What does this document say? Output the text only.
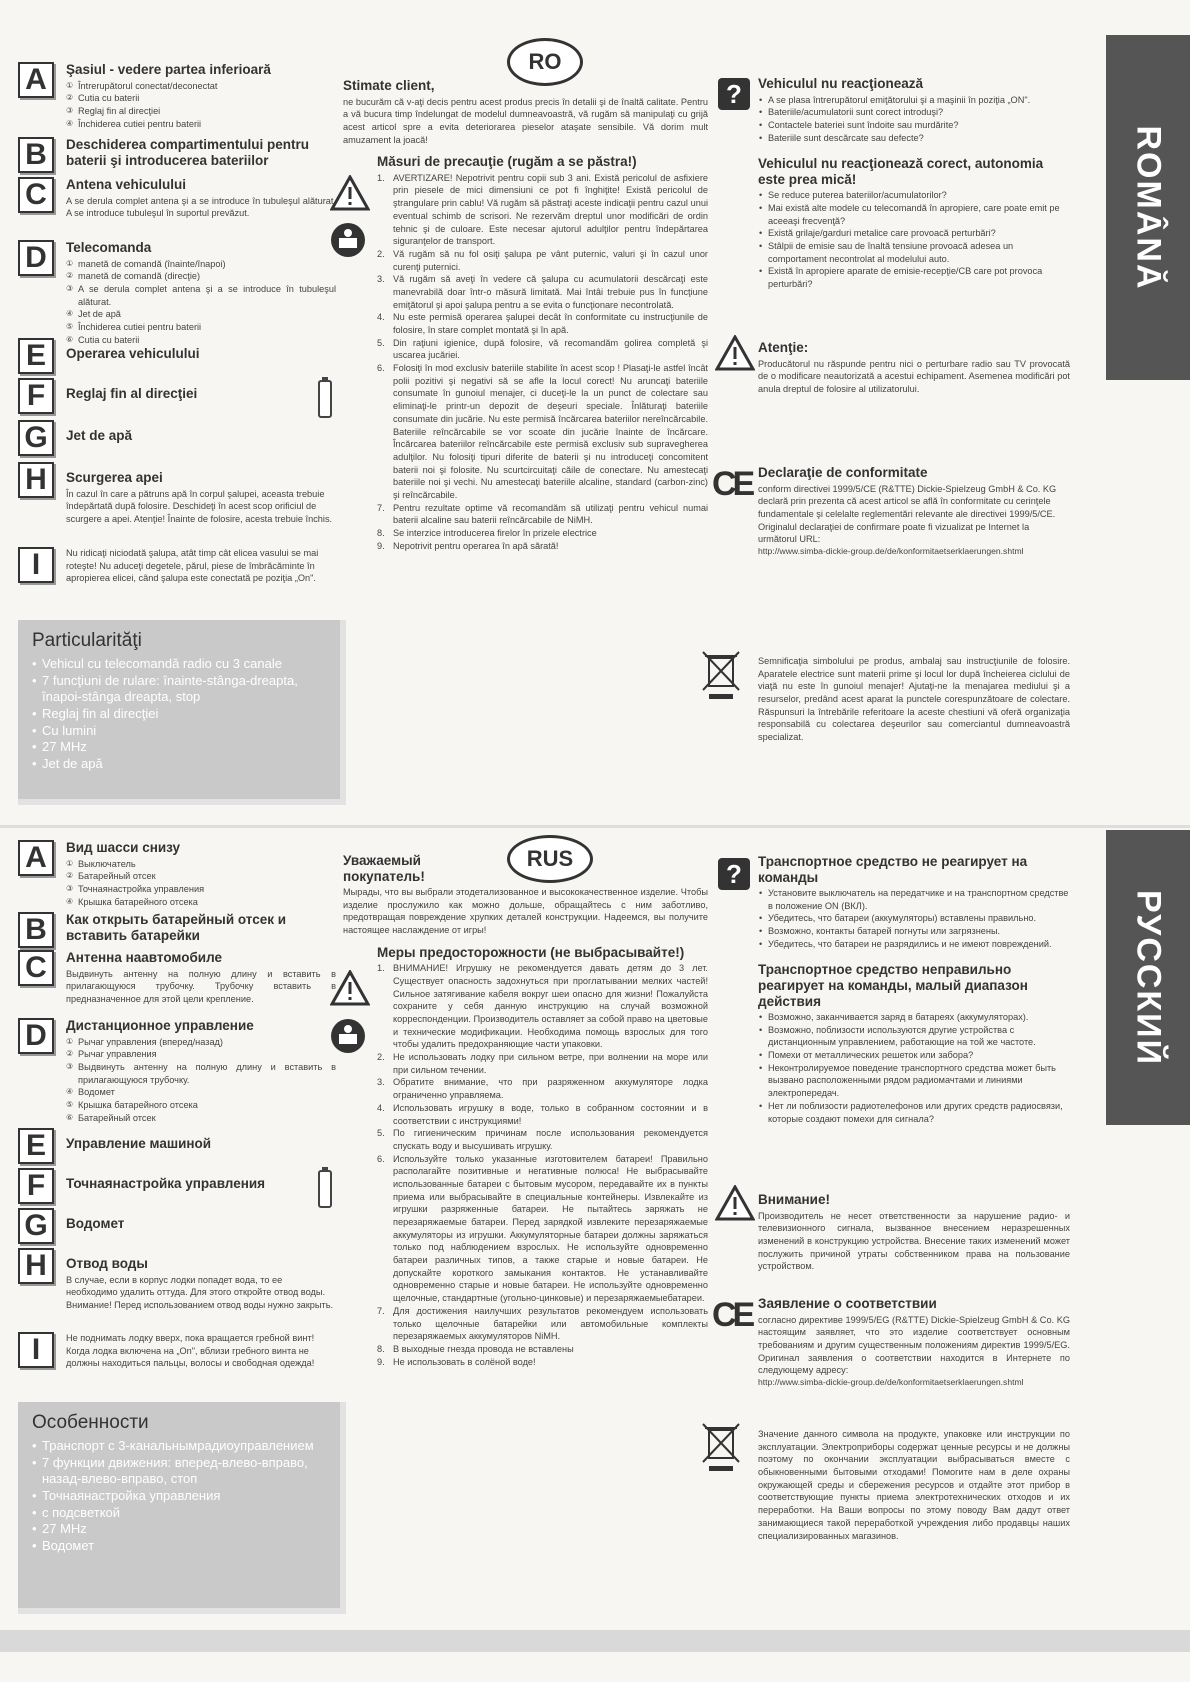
RO
ROMÂNĂ
A	Şasiul - vedere partea inferioară
① Întrerupătorul conectat/deconectat
② Cutia cu baterii
③ Reglaj fin al direcţiei
④ Închiderea cutiei pentru baterii
B	Deschiderea compartimentului pentru baterii şi introducerea bateriilor
C	Antena vehiculului
A se derula complet antena şi a se introduce în tubuleşul alăturat. A se introduce tubuleşul în suportul prevăzut.
D	Telecomanda
① manetă de comandă (înainte/înapoi)
② manetă de comandă (direcţie)
③ A se derula complet antena şi a se introduce în tubuleşul alăturat.
④ Jet de apă
⑤ Închiderea cutiei pentru baterii
⑥ Cutia cu baterii
E	Operarea vehiculului
F	Reglaj fin al direcţiei
G	Jet de apă
H	Scurgerea apei
În cazul în care a pătruns apă în corpul şalupei, aceasta trebuie îndepărtată după folosire. Deschideţi în acest scop orificiul de scurgere a apei. Atenţie! Înainte de folosire, acesta trebuie închis.
I	Nu ridicaţi niciodată şalupa, atât timp cât elicea vasului se mai roteşte! Nu aduceţi degetele, părul, piese de îmbrăcăminte în apropierea elicei, când şalupa este conectată pe poziţia „On".
Particularităţi
• Vehicul cu telecomandă radio cu 3 canale
• 7 funcţiuni de rulare: înainte-stânga-dreapta, înapoi-stânga dreapta, stop
• Reglaj fin al direcţiei
• Cu lumini
• 27 MHz
• Jet de apă
Stimate client,
ne bucurăm că v-aţi decis pentru acest produs precis în detalii şi de înaltă calitate. Pentru a vă bucura timp îndelungat de modelul dumneavoastră, vă rugăm să manipulaţi cu grijă acest articol spre a evita deteriorarea pieselor ataşate sensibile. Vă dorim mult amuzament la joacă!
Măsuri de precauţie (rugăm a se păstra!)
1. AVERTIZARE! Nepotrivit pentru copii sub 3 ani. Există pericolul de asfixiere prin piesele de mici dimensiuni ce pot fi înghiţite! Există pericolul de ştrangulare prin cablu! Vă rugăm să păstraţi aceste indicaţii pentru cazul unui eventual schimb de scrisori. Ne rezervăm dreptul unor modificări de ordin tehnic şi de culoare. Este necesar ajutorul adulţilor pentru îndepărtarea siguranţelor de transport.
2. Vă rugăm să nu fol osiţi şalupa pe vânt puternic, valuri şi în cazul unor curenţi puternici.
3. Vă rugăm să aveţi în vedere că şalupa cu acumulatorii descărcaţi este manevrabilă doar într-o măsură limitată. Mai întâi trebuie pus în funcţiune emiţătorul şi apoi şalupa pentru a se evita o funcţionare necontrolată.
4. Nu este permisă operarea şalupei decât în conformitate cu instrucţiunile de folosire, în stare complet montată şi în apă.
5. Din raţiuni igienice, după folosire, vă recomandăm golirea completă şi uscarea jucăriei.
6. Folosiţi în mod exclusiv bateriile stabilite în acest scop ! Plasaţi-le astfel încât polii pozitivi şi negativi să se afle la locul corect! Nu aruncaţi bateriile consumate în gunoiul menajer, ci duceţi-le la un punct de colectare sau eliminaţi-le printr-un depozit de deşeuri speciale. Înlăturaţi bateriile consumate din jucărie. Nu este permisă încărcarea bateriilor nereîncărcabile. Bateriile reîncărcabile se vor scoate din jucărie înainte de încărcare. Încărcarea bateriilor reîncărcabile este permisă exclusiv sub supravegherea adulţilor. Nu folosiţi tipuri diferite de baterii şi nu introduceţi concomitent baterii noi şi folosite. Nu scurtcircuitaţi căile de conectare. Nu amestecaţi bateriile noi şi vechi. Nu amestecaţi bateriile alcaline, standard (carbon-zinc) şi reîncărcabile.
7. Pentru rezultate optime vă recomandăm să utilizaţi pentru vehicul numai baterii alcaline sau baterii reîncărcabile de NiMH.
8. Se interzice introducerea firelor în prizele electrice
9. Nepotrivit pentru operarea în apă sărată!
?	Vehiculul nu reacţionează
• A se plasa întrerupătorul emiţătorului şi a maşinii în poziţia „ON".
• Bateriile/acumulatorii sunt corect introduşi?
• Contactele bateriei sunt îndoite sau murdărite?
• Bateriile sunt descărcate sau defecte?
Vehiculul nu reacţionează corect, autonomia este prea mică!
• Se reduce puterea bateriilor/acumulatorilor?
• Mai există alte modele cu telecomandă în apropiere, care poate emit pe aceeaşi frecvenţă?
• Există grilaje/garduri metalice care provoacă perturbări?
• Stâlpii de emisie sau de înaltă tensiune provoacă adesea un comportament necontrolat al modelului auto.
• Există în apropiere aparate de emisie-recepţie/CB care pot provoca perturbări?
Atenţie:
Producătorul nu răspunde pentru nici o perturbare radio sau TV provocată de o modificare neautorizată a acestui echipament. Asemenea modificări pot anula dreptul de folosire al utilizatorului.
CE Declaraţie de conformitate
conform directivei 1999/5/CE (R&TTE) Dickie-Spielzeug GmbH & Co. KG declară prin prezenta că acest articol se află în conformitate cu cerinţele fundamentale şi celelalte reglementări relevante ale directivei 1999/5/CE. Originalul declaraţiei de confirmare poate fi vizualizat pe Internet la următorul URL:
http://www.simba-dickie-group.de/de/konformitaetserklaerungen.shtml
Semnificaţia simbolului pe produs, ambalaj sau instrucţiunile de folosire. Aparatele electrice sunt materii prime şi locul lor după încheierea ciclului de viaţă nu este în gunoiul menajer! Ajutaţi-ne la menajarea mediului şi a resurselor, predând acest aparat la punctele corespunzătoare de colectare. Răspunsuri la întrebările referitoare la aceste chestiuni vă oferă organizaţia responsabilă cu colectarea deşeurilor sau comerciantul dumneavoastră specializat.
RUS
РУССКИЙ
A	Вид шасси снизу
① Выключатель
② Батарейный отсек
③ Точнаянастройка управления
④ Крышка батарейного отсека
B	Как открыть батарейный отсек и вставить батарейки
C	Антенна наавтомобиле
Выдвинуть антенну на полную длину и вставить в прилагающуюся трубочку. Трубочку вставить в предназначенное для этой цели крепление.
D	Дистанционное управление
① Рычаг управления (вперед/назад)
② Рычаг управления
③ Выдвинуть антенну на полную длину и вставить в прилагающуюся трубочку.
④ Водомет
⑤ Крышка батарейного отсека
⑥ Батарейный отсек
E	Управление машиной
F	Точнаянастройка управления
G	Водомет
H	Отвод воды
В случае, если в корпус лодки попадет вода, то ее необходимо удалить оттуда. Для этого откройте отвод воды. Внимание! Перед использованием отвод воды нужно закрыть.
I	Не поднимать лодку вверх, пока вращается гребной винт! Когда лодка включена на „On", вблизи гребного винта не должны находиться пальцы, волосы и свободная одежда!
Особенности
• Транспорт с 3-канальнымрадиоуправлением
• 7 функции движения: вперед-влево-вправо, назад-влево-вправо, стоп
• Точнаянастройка управления
• с подсветкой
• 27 MHz
• Водомет
Уважаемый покупатель!
Мырады, что вы выбрали этодетализованное и высококачественное изделие. Чтобы изделие прослужило как можно дольше, обращайтесь с ним заботливо, предотвращая повреждение хрупких деталей конструкции. Надеемся, вы получите настоящее наслаждение от игры!
Меры предосторожности (не выбрасывайте!)
1. ВНИМАНИЕ! Игрушку не рекомендуется давать детям до 3 лет. Существует опасность задохнуться при проглатывании мелких частей! Сильное затягивание кабеля вокруг шеи опасно для жизни! Пожалуйста сохраните у себя данную инструкцию на случай возможной корреспонденции. Производитель оставляет за собой право на цветовые и технические модификации. Необходима помощь взрослых для того чтобы удалить предохраняющие части упаковки.
2. Не использовать лодку при сильном ветре, при волнении на море или при сильном течении.
3. Обратите внимание, что при разряженном аккумуляторе лодка ограниченно управляема.
4. Использовать игрушку в воде, только в собранном состоянии и в соответствии с инструкциями!
5. По гигиеническим причинам после использования рекомендуется спускать воду и высушивать игрушку.
6. Используйте только указанные изготовителем батареи! Правильно располагайте позитивные и негативные полюса! Не выбрасывайте использованные батареи с бытовым мусором, передавайте их в пункты приема или выбрасывайте в специальные контейнеры. Извлекайте из игрушки разряженные батареи. Не пытайтесь заряжать не перезаряжаемые батареи. Перед зарядкой извлеките перезаряжаемые аккумуляторы из игрушки. Аккумуляторные батареи должны заряжаться только под наблюдением взрослых. Не используйте одновременно батареи различных типов, а также старые и новые батареи. Не допускайте короткого замыкания контактов. Не устанавливайте одновременно старые и новые батареи. Не используйте одновременно щелочные, стандартные (угольно-цинковые) и перезаряжаемыебатареи.
7. Для достижения наилучших результатов рекомендуем использовать только щелочные батарейки или автомобильные комплекты перезаряжаемых аккумуляторов NiMH.
8. В выходные гнезда провода не вставлены
9. Не использовать в солёной воде!
?	Транспортное средство не реагирует на команды
• Установите выключатель на передатчике и на транспортном средстве в положение ON (ВКЛ).
• Убедитесь, что батареи (аккумуляторы) вставлены правильно.
• Возможно, контакты батарей погнуты или загрязнены.
• Убедитесь, что батареи не разрядились и не имеют повреждений.
Транспортное средство неправильно реагирует на команды, малый диапазон действия
• Возможно, заканчивается заряд в батареях (аккумуляторах).
• Возможно, поблизости используются другие устройства с дистанционным управлением, работающие на той же частоте.
• Помехи от металлических решеток или забора?
• Неконтролируемое поведение транспортного средства может быть вызвано расположенными рядом радиомачтами и линиями электропередач.
• Нет ли поблизости радиотелефонов или других средств радиосвязи, которые создают помехи для сигнала?
Внимание!
Производитель не несет ответственности за нарушение радио- и телевизионного сигнала, вызванное внесением неразрешенных изменений в конструкцию устройства. Внесение таких изменений может послужить причиной утраты собственником права на пользование устройством.
CE Заявление о соответствии
согласно директиве 1999/5/EG (R&TTE) Dickie-Spielzeug GmbH & Co. KG настоящим заявляет, что это изделие соответствует основным требованиям и другим существенным положениям директив 1999/5/EG. Оригинал заявления о соответствии находится в Интернете по следующему адресу:
http://www.simba-dickie-group.de/de/konformitaetserklaerungen.shtml
Значение данного символа на продукте, упаковке или инструкции по эксплуатации. Электроприборы содержат ценные ресурсы и не должны поэтому по окончании эксплуатации выбрасываться вместе с обыкновенными бытовыми отходами! Помогите нам в деле охраны окружающей среды и сбережения ресурсов и отдайте этот прибор в соответствующие пункты приема электротехнических отходов и их переработки. На Ваши вопросы по этому поводу Вам дадут ответ занимающиеся такой переработкой учреждения либо продавцы наших специализированных магазинов.
